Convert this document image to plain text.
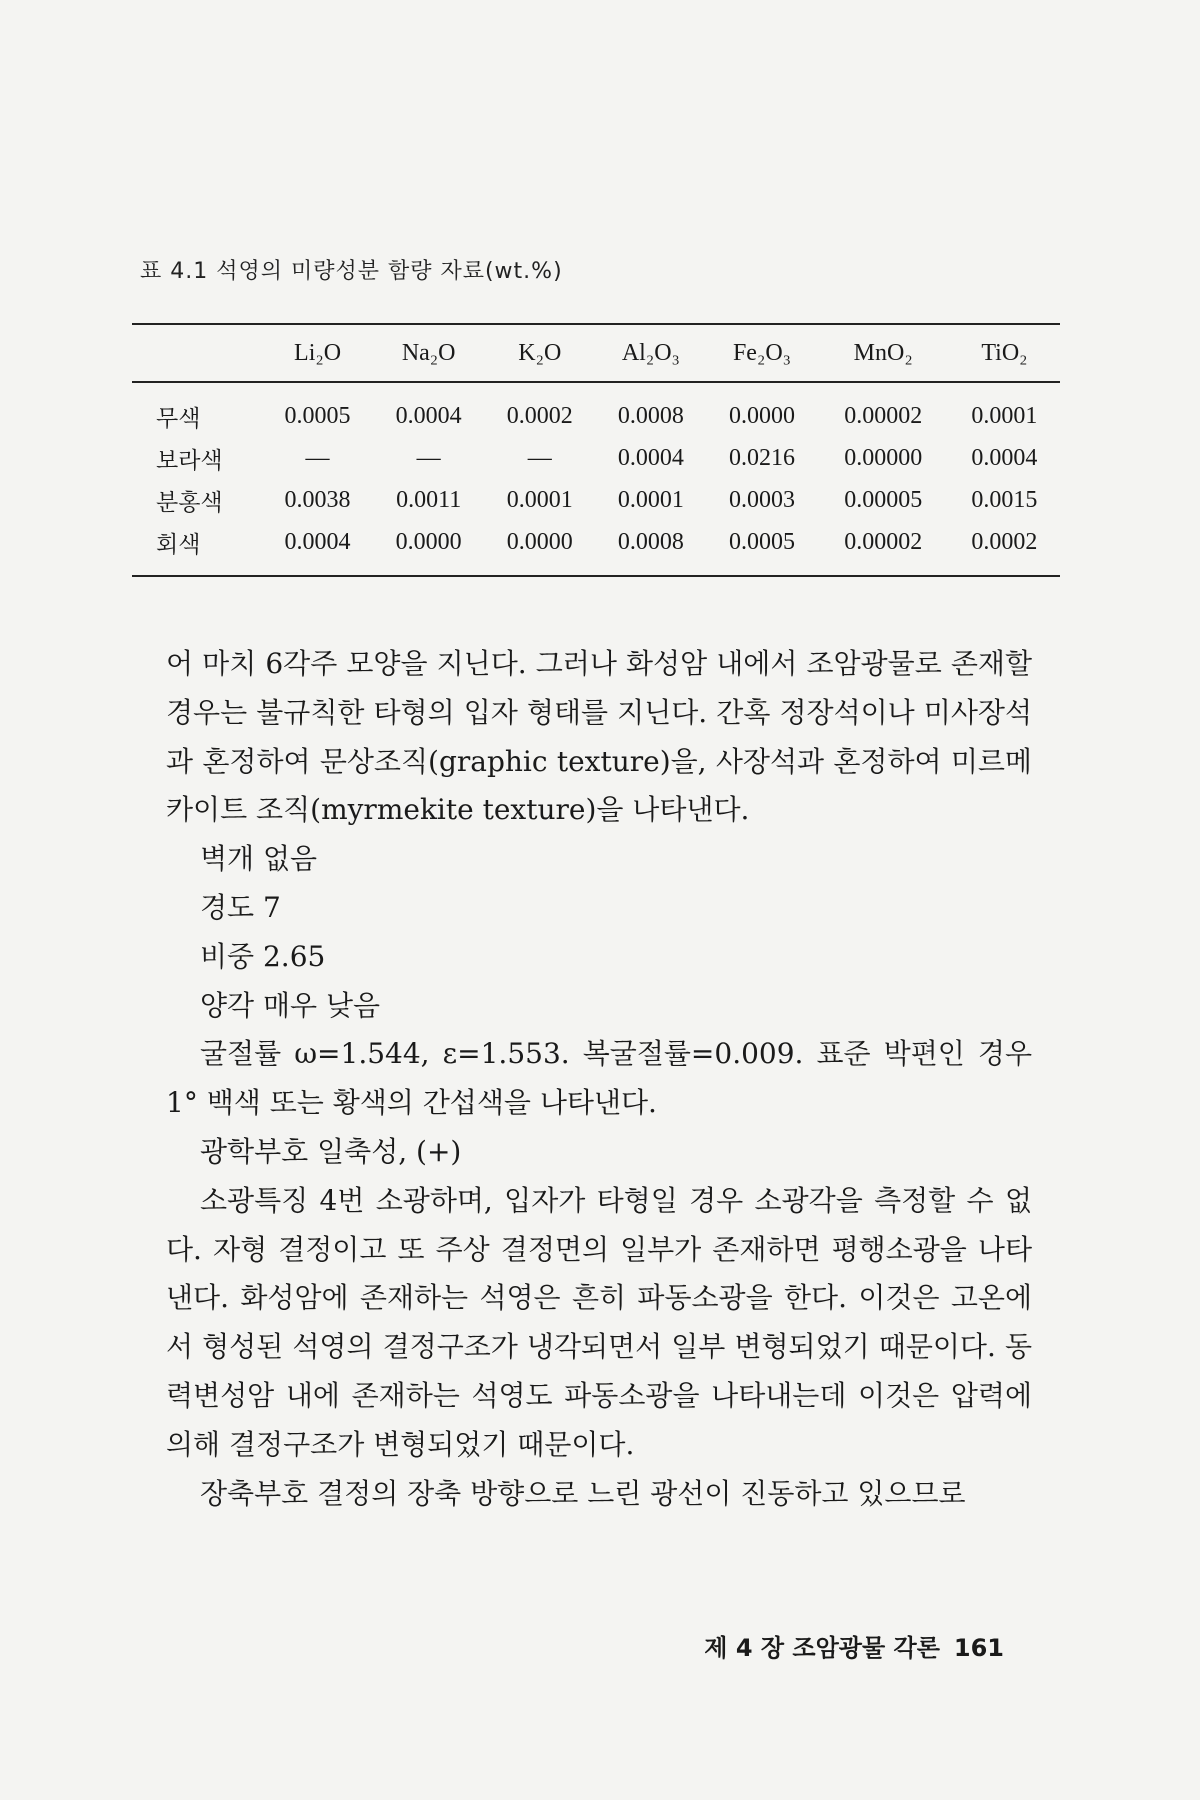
표 4.1 석영의 미량성분 함량 자료(wt.%)
	Li₂O	Na₂O	K₂O	Al₂O₃	Fe₂O₃	MnO₂	TiO₂
무색	0.0005	0.0004	0.0002	0.0008	0.0000	0.00002	0.0001
보라색	—	—	—	0.0004	0.0216	0.00000	0.0004
분홍색	0.0038	0.0011	0.0001	0.0001	0.0003	0.00005	0.0015
회색	0.0004	0.0000	0.0000	0.0008	0.0005	0.00002	0.0002

어 마치 6각주 모양을 지닌다. 그러나 화성암 내에서 조암광물로 존재할 경우는 불규칙한 타형의 입자 형태를 지닌다. 간혹 정장석이나 미사장석과 혼정하여 문상조직(graphic texture)을, 사장석과 혼정하여 미르메카이트 조직(myrmekite texture)을 나타낸다.

벽개 없음

경도 7

비중 2.65

양각 매우 낮음

굴절률 ω=1.544, ε=1.553. 복굴절률=0.009. 표준 박편인 경우 1° 백색 또는 황색의 간섭색을 나타낸다.

광학부호 일축성, (+)

소광특징 4번 소광하며, 입자가 타형일 경우 소광각을 측정할 수 없다. 자형 결정이고 또 주상 결정면의 일부가 존재하면 평행소광을 나타낸다. 화성암에 존재하는 석영은 흔히 파동소광을 한다. 이것은 고온에서 형성된 석영의 결정구조가 냉각되면서 일부 변형되었기 때문이다. 동력변성암 내에 존재하는 석영도 파동소광을 나타내는데 이것은 압력에 의해 결정구조가 변형되었기 때문이다.

장축부호 결정의 장축 방향으로 느린 광선이 진동하고 있으므로

제 4 장 조암광물 각론 161
